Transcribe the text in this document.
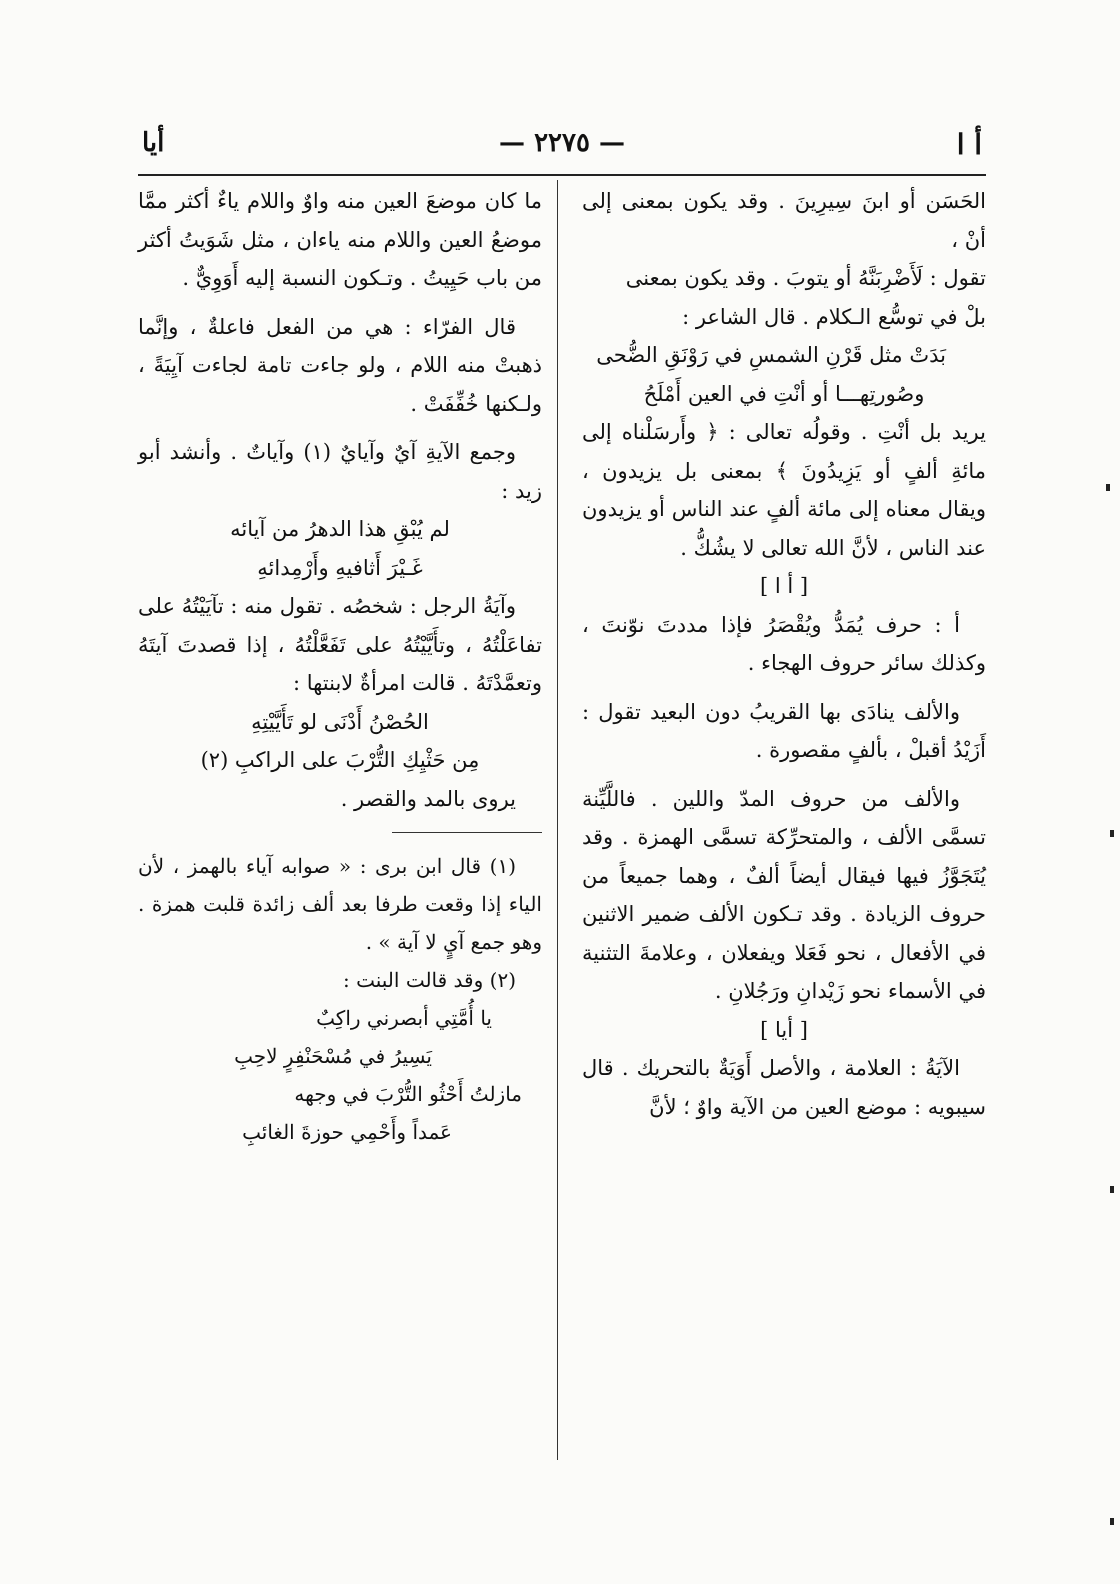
أيا	— ٢٢٧٥ —	أ ا

الحَسَن أو ابنَ سِيرِينَ . وقد يكون بمعنى إلى أنْ ،

تقول : لَأَضْرِبَنَّهُ أو يتوبَ . وقد يكون بمعنى

بلْ في توسُّع الـكلام . قال الشاعر :

بَدَتْ مثل قَرْنِ الشمسِ في رَوْنَقِ الضُّحى
وصُورتِهـــا أو أنْتِ في العين أَمْلَحُ

يريد بل أنْتِ . وقولُه تعالى : ﴿ وأَرسَلْناه إلى مائةِ ألفٍ أو يَزِيدُونَ ﴾ بمعنى بل يزيدون ، ويقال معناه إلى مائة ألفٍ عند الناس أو يزيدون عند الناس ، لأنَّ الله تعالى لا يشُكُّ .

[ أ ا ]

أ : حرف يُمَدُّ ويُقْصَرُ فإذا مددتَ نوّنتَ ، وكذلك سائر حروف الهجاء .

والألف ينادَى بها القريبُ دون البعيد تقول : أَزَيْدُ أقبلْ ، بألفٍ مقصورة .

والألف من حروف المدّ واللين . فاللَّيِّنة تسمَّى الألف ، والمتحرِّكة تسمَّى الهمزة . وقد يُتَجَوَّزُ فيها فيقال أيضاً ألفٌ ، وهما جميعاً من حروف الزيادة . وقد تـكون الألف ضمير الاثنين في الأفعال ، نحو فَعَلا ويفعلان ، وعلامةَ التثنية في الأسماء نحو زَيْدانِ ورَجُلانِ .

[ أيا ]

الآيَةُ : العلامة ، والأصل أَوَيَةٌ بالتحريك . قال سيبويه : موضع العين من الآية واوٌ ؛ لأنَّ

ما كان موضعَ العين منه واوٌ واللام ياءٌ أكثر ممَّا موضعُ العين واللام منه ياءان ، مثل شَوَيتُ أكثر من باب حَيِيتُ . وتـكون النسبة إليه أَوَوِيٌّ .

قال الفرّاء : هي من الفعل فاعلةٌ ، وإنَّما ذهبتْ منه اللام ، ولو جاءت تامة لجاءت آيِيَةً ، ولـكنها خُفِّفَتْ .

وجمع الآيةِ آيٌ وآيايٌ (١) وآياتٌ . وأنشد أبو زيد :

لم يُبْقِ هذا الدهرُ من آيائه
غَـيْرَ أَثافيهِ وأَرْمِدائهِ

وآيَةُ الرجل : شخصُه . تقول منه : تآيَيْتُهُ على تفاعَلْتُهُ ، وتأَيَّيْتُهُ على تَفَعَّلْتُهُ ، إذا قصدتَ آيتَهُ وتعمَّدْتَهُ . قالت امرأةٌ لابنتها :

الحُصْنُ أَدْنَى لو تَأَيَّيْتِهِ
مِن حَثْيِكِ التُّرْبَ على الراكبِ (٢)

يروى بالمد والقصر .

(١) قال ابن برى : « صوابه آياء بالهمز ، لأن الياء إذا وقعت طرفا بعد ألف زائدة قلبت همزة . وهو جمع آيٍ لا آية » .

(٢) وقد قالت البنت :

يا أُمَّتِي أبصرني راكِبٌ
يَسِيرُ في مُسْحَنْفِرٍ لاحِبِ
مازلتُ أَحْثُو التُّرْبَ في وجهه
عَمداً وأَحْمِي حوزةَ الغائبِ
